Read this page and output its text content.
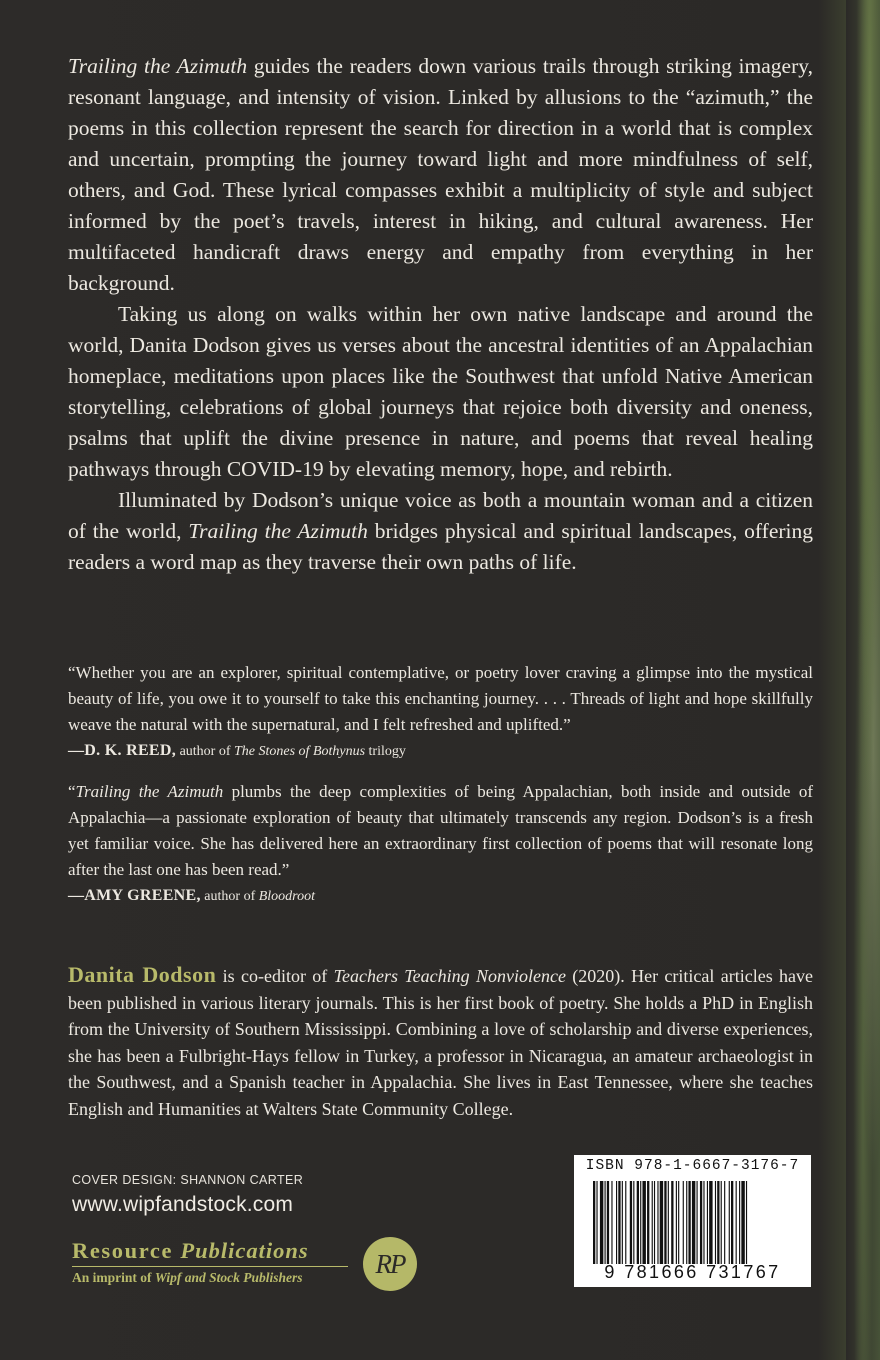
Trailing the Azimuth guides the readers down various trails through striking imagery, resonant language, and intensity of vision. Linked by allusions to the “azimuth,” the poems in this collection represent the search for direction in a world that is complex and uncertain, prompting the journey toward light and more mindfulness of self, others, and God. These lyrical compasses exhibit a multiplicity of style and subject informed by the poet’s travels, interest in hiking, and cultural awareness. Her multifaceted handicraft draws energy and empathy from everything in her background.

Taking us along on walks within her own native landscape and around the world, Danita Dodson gives us verses about the ancestral identities of an Appalachian homeplace, meditations upon places like the Southwest that unfold Native American storytelling, celebrations of global journeys that rejoice both diversity and oneness, psalms that uplift the divine presence in nature, and poems that reveal healing pathways through COVID-19 by elevating memory, hope, and rebirth.

Illuminated by Dodson’s unique voice as both a mountain woman and a citizen of the world, Trailing the Azimuth bridges physical and spiritual landscapes, offering readers a word map as they traverse their own paths of life.

“Whether you are an explorer, spiritual contemplative, or poetry lover craving a glimpse into the mystical beauty of life, you owe it to yourself to take this enchanting journey. . . . Threads of light and hope skillfully weave the natural with the supernatural, and I felt refreshed and uplifted.”

—D. K. REED, author of The Stones of Bothynus trilogy

“Trailing the Azimuth plumbs the deep complexities of being Appalachian, both inside and outside of Appalachia—a passionate exploration of beauty that ultimately transcends any region. Dodson’s is a fresh yet familiar voice. She has delivered here an extraordinary first collection of poems that will resonate long after the last one has been read.”

—AMY GREENE, author of Bloodroot

Danita Dodson is co-editor of Teachers Teaching Nonviolence (2020). Her critical articles have been published in various literary journals. This is her first book of poetry. She holds a PhD in English from the University of Southern Mississippi. Combining a love of scholarship and diverse experiences, she has been a Fulbright-Hays fellow in Turkey, a professor in Nicaragua, an amateur archaeologist in the Southwest, and a Spanish teacher in Appalachia. She lives in East Tennessee, where she teaches English and Humanities at Walters State Community College.
COVER DESIGN: SHANNON CARTER
www.wipfandstock.com
Resource Publications
An imprint of Wipf and Stock Publishers	RP
ISBN 978-1-6667-3176-7
9 781666 731767
